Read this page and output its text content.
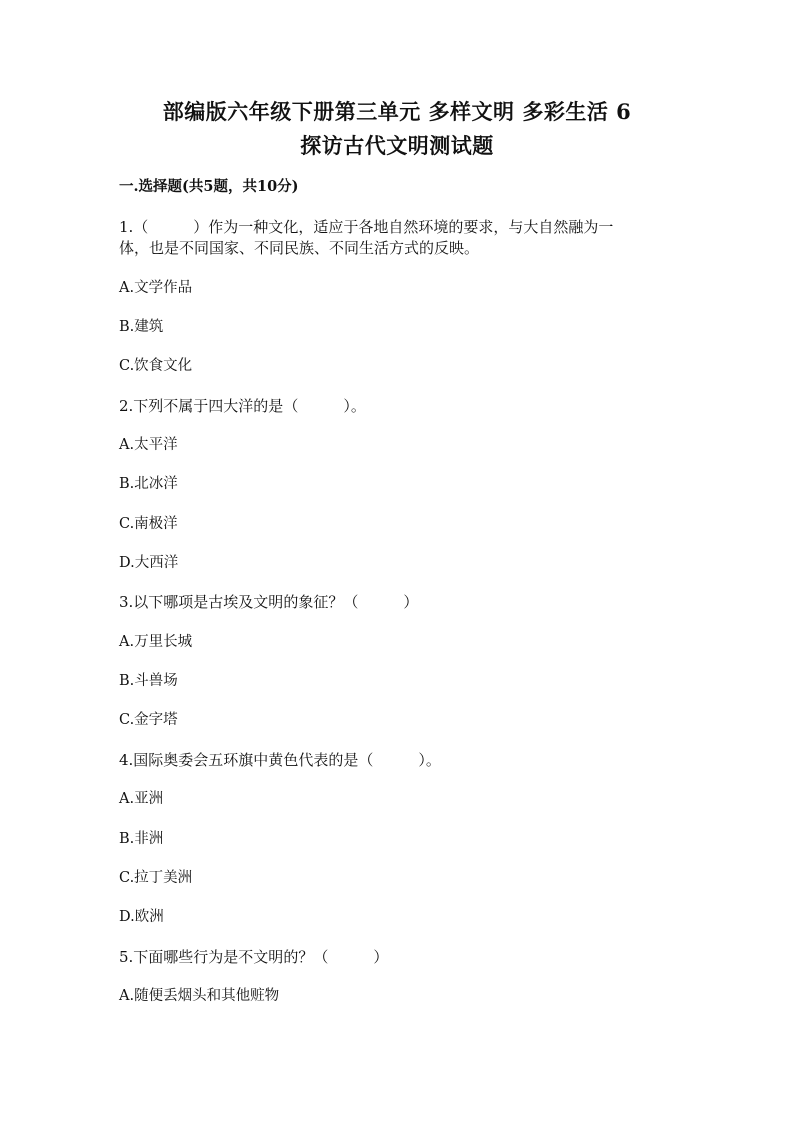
部编版六年级下册第三单元 多样文明 多彩生活 6
探访古代文明测试题
一.选择题(共5题，共10分)
1.（　　　）作为一种文化，适应于各地自然环境的要求，与大自然融为一
体，也是不同国家、不同民族、不同生活方式的反映。
A.文学作品
B.建筑
C.饮食文化
2.下列不属于四大洋的是（　　　）。
A.太平洋
B.北冰洋
C.南极洋
D.大西洋
3.以下哪项是古埃及文明的象征？（　　　）
A.万里长城
B.斗兽场
C.金字塔
4.国际奥委会五环旗中黄色代表的是（　　　）。
A.亚洲
B.非洲
C.拉丁美洲
D.欧洲
5.下面哪些行为是不文明的？（　　　）
A.随便丢烟头和其他赃物
